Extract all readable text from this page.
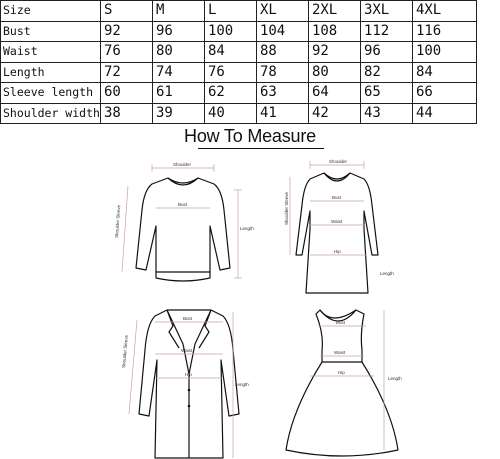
Size	S	M	L	XL	2XL	3XL	4XL
Bust	92	96	100	104	108	112	116
Waist	76	80	84	88	92	96	100
Length	72	74	76	78	80	82	84
Sleeve length	60	61	62	63	64	65	66
Shoulder width	38	39	40	41	42	43	44
How To Measure
Shoulder
Bust
Length
Shoulder Sleeve
Shoulder
Bust
Waist
Hip
Length
Shoulder Sleeve
Bust
Waist
Hip
Length
Shoulder Sleeve
Bust
Waist
Hip
Length
